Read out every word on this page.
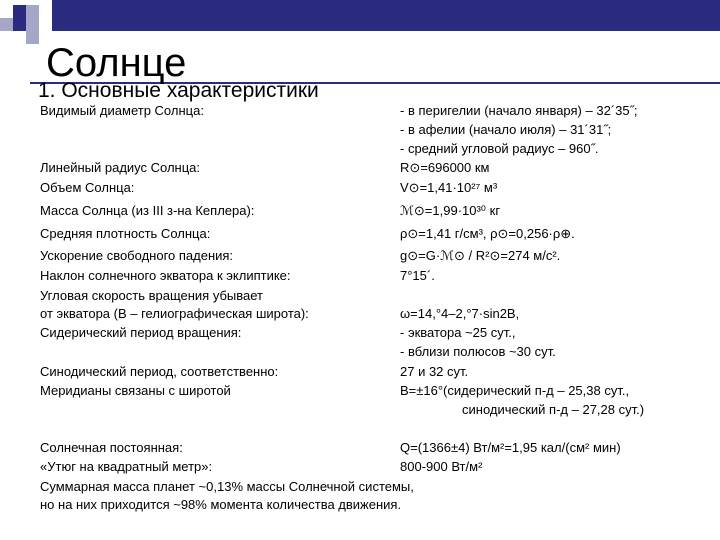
Солнце
1. Основные характеристики
Видимый диаметр Солнца:	- в перигелии (начало января) – 32´35˝;
- в афелии (начало июля) – 31´31˝;
- средний угловой радиус – 960˝.
Линейный радиус Солнца:	R⊙=696000 км
Объем Солнца:	V⊙=1,41·10²⁷ м³
Масса Солнца (из III з-на Кеплера):	ℳ⊙=1,99·10³⁰ кг
Средняя плотность Солнца:	ρ⊙=1,41 г/см³, ρ⊙=0,256·ρ⊕.
Ускорение свободного падения:	g⊙=G·ℳ⊙ / R²⊙=274 м/с².
Наклон солнечного экватора к эклиптике:	7°15´.
Угловая скорость вращения убывает
от экватора (B – гелиографическая широта):	ω=14,°4–2,°7·sin2B,
Сидерический период вращения:	- экватора ~25 сут.,
- вблизи полюсов ~30 сут.
Синодический период, соответственно:	27 и 32 сут.
Меридианы связаны с широтой	B=±16°(сидерический п-д – 25,38 сут.,
синодический п-д – 27,28 сут.)
Солнечная постоянная:	Q=(1366±4) Вт/м²=1,95 кал/(см² мин)
«Утюг на квадратный метр»:	800-900 Вт/м²
Суммарная масса планет ~0,13% массы Солнечной системы,
но на них приходится ~98% момента количества движения.
